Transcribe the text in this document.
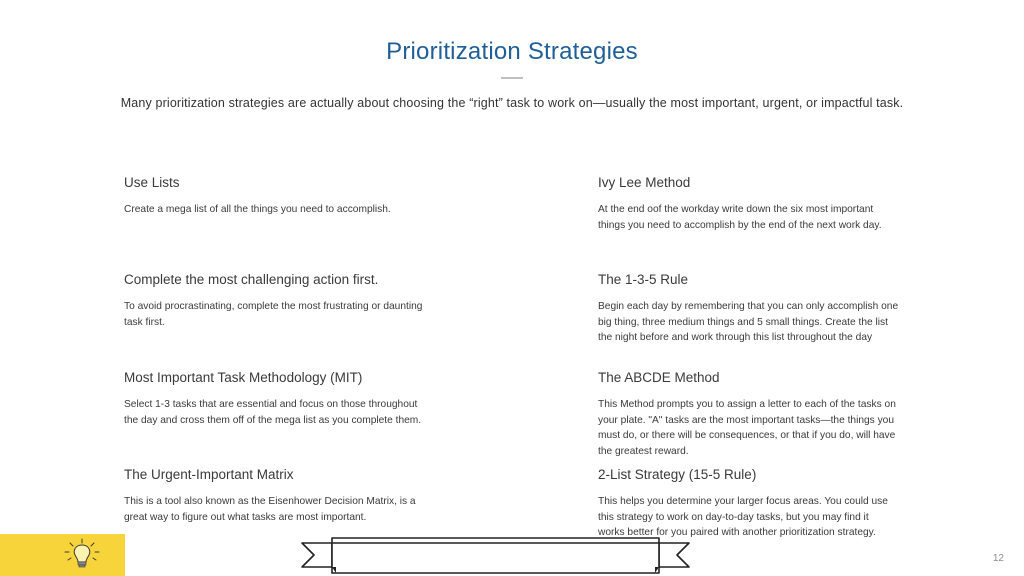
Prioritization Strategies
Many prioritization strategies are actually about choosing the “right” task to work on—usually the most important, urgent, or impactful task.
Use Lists
Create a mega list of all the things you need to accomplish.
Complete the most challenging action first.
To avoid procrastinating, complete the most frustrating or daunting
task first.
Most Important Task Methodology (MIT)
Select 1-3 tasks that are essential and focus on those throughout
the day and cross them off of the mega list as you complete them.
The Urgent-Important Matrix
This is a tool also known as the Eisenhower Decision Matrix, is a
great way to figure out what tasks are most important.
Ivy Lee Method
At the end oof the workday write down the six most important
things you need to accomplish by the end of the next work day.
The 1-3-5 Rule
Begin each day by remembering that you can only accomplish one
big thing, three medium things and 5 small things. Create the list
the night before and work through this list throughout the day
The ABCDE Method
This Method prompts you to assign a letter to each of the tasks on
your plate. "A" tasks are the most important tasks—the things you
must do, or there will be consequences, or that if you do, will have
the greatest reward.
2-List Strategy (15-5 Rule)
This helps you determine your larger focus areas. You could use
this strategy to work on day-to-day tasks, but you may find it
works better for you paired with another prioritization strategy.
12
